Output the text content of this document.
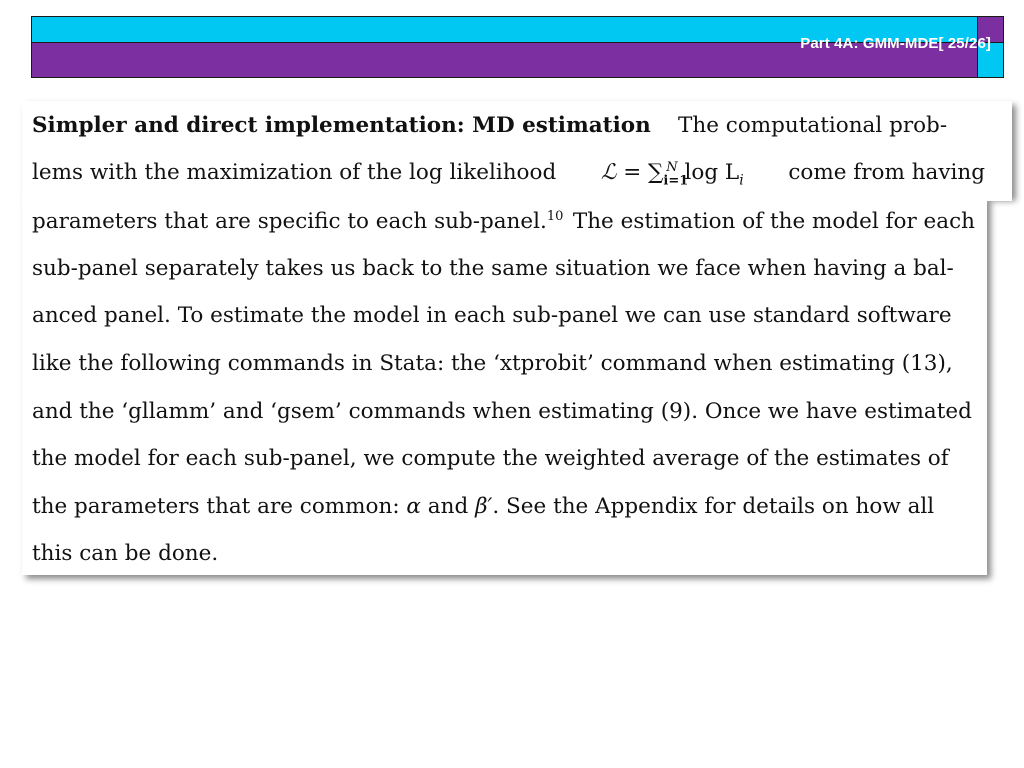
Part 4A: GMM-MDE[ 25/26]
Simpler and direct implementation: MD estimation The computational prob-
lems with the maximization of the log likelihood ℒ = $\sum_{i=1}^N$ $\log L_i$ come from having
parameters that are specific to each sub-panel.$^{10}$ The estimation of the model for each
sub-panel separately takes us back to the same situation we face when having a bal-
anced panel. To estimate the model in each sub-panel we can use standard software
like the following commands in Stata: the ‘xtprobit’ command when estimating (13),
and the ‘gllamm’ and ‘gsem’ commands when estimating (9). Once we have estimated
the model for each sub-panel, we compute the weighted average of the estimates of
the parameters that are common: α and β′. See the Appendix for details on how all
this can be done.
